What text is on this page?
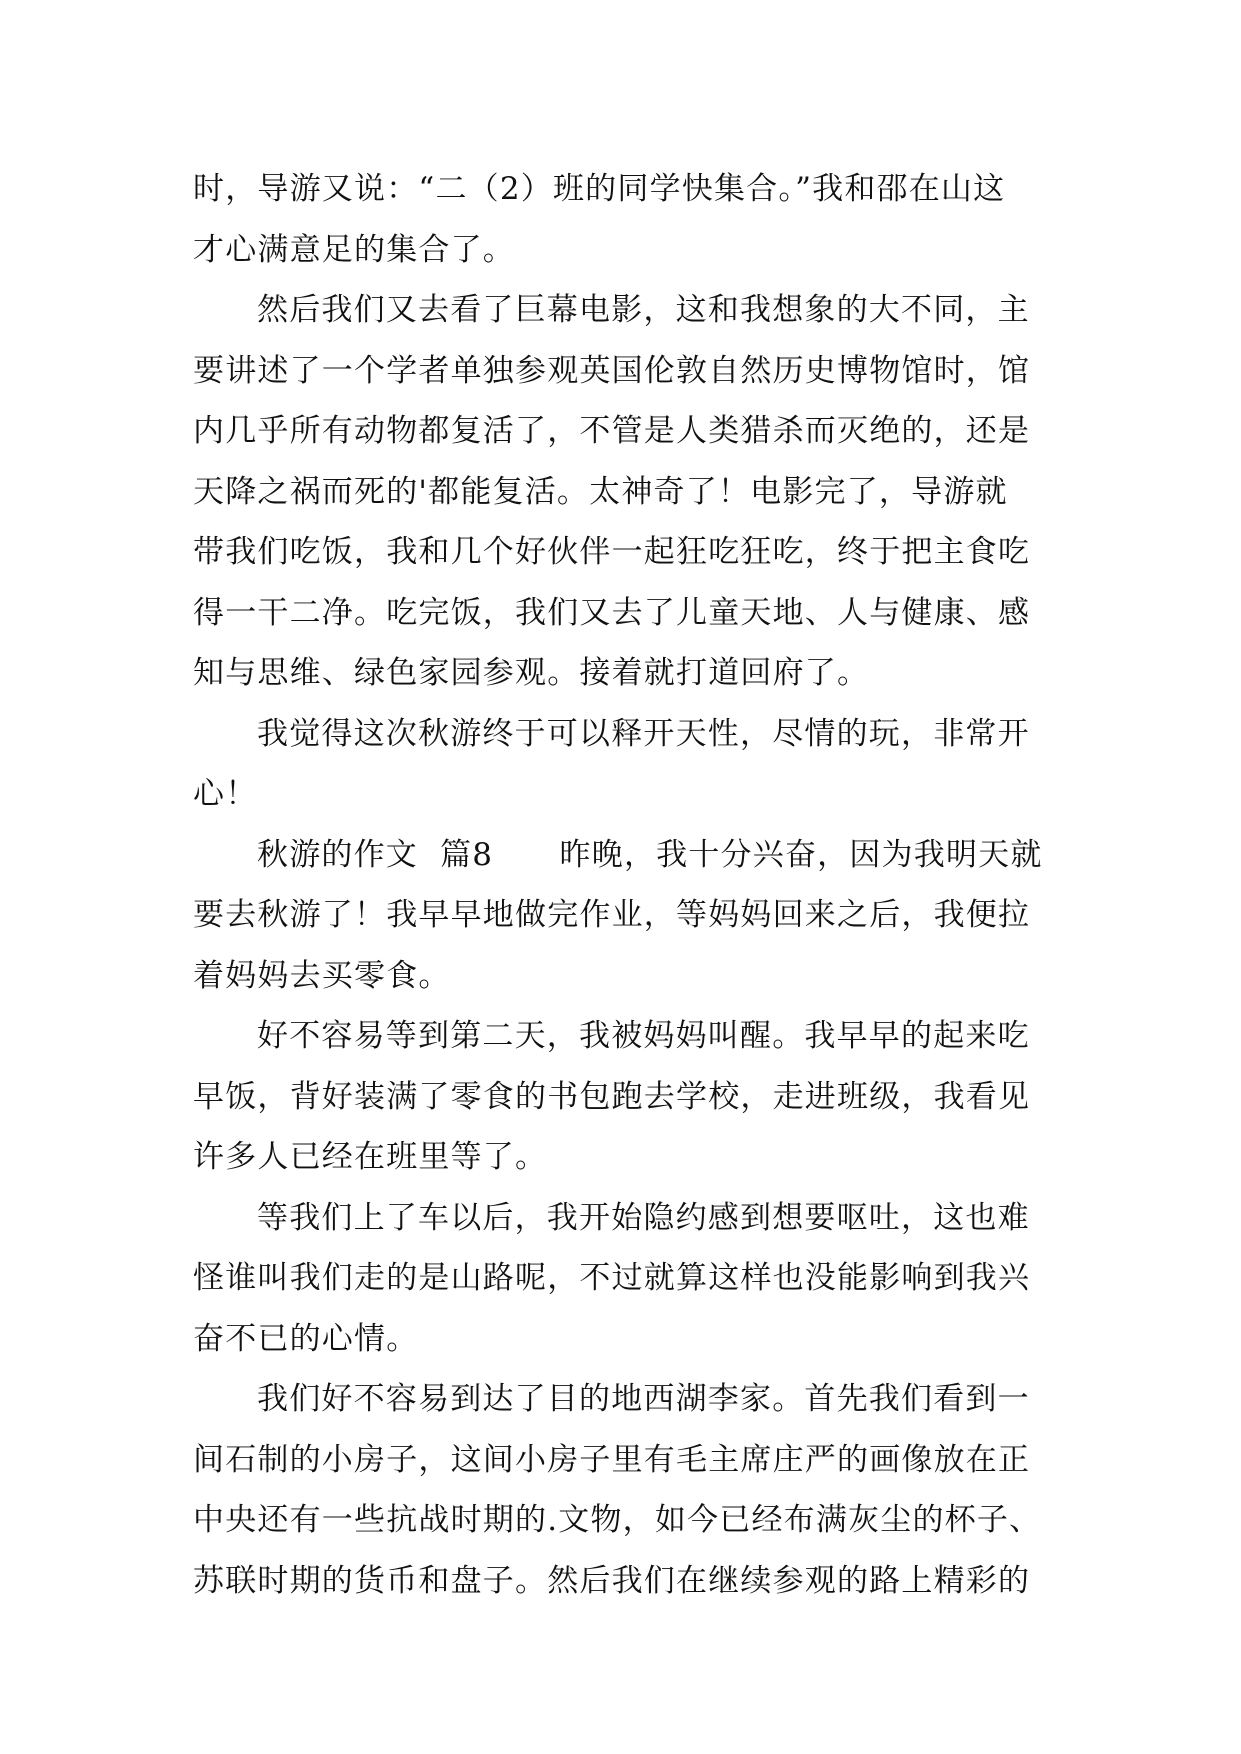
时，导游又说：“二（2）班的同学快集合。”我和邵在山这
才心满意足的集合了。
然后我们又去看了巨幕电影，这和我想象的大不同，主
要讲述了一个学者单独参观英国伦敦自然历史博物馆时，馆
内几乎所有动物都复活了，不管是人类猎杀而灭绝的，还是
天降之祸而死的'都能复活。太神奇了！电影完了，导游就
带我们吃饭，我和几个好伙伴一起狂吃狂吃，终于把主食吃
得一干二净。吃完饭，我们又去了儿童天地、人与健康、感
知与思维、绿色家园参观。接着就打道回府了。
我觉得这次秋游终于可以释开天性，尽情的玩，非常开
心！
秋游的作文  篇8      昨晚，我十分兴奋，因为我明天就
要去秋游了！我早早地做完作业，等妈妈回来之后，我便拉
着妈妈去买零食。
好不容易等到第二天，我被妈妈叫醒。我早早的起来吃
早饭，背好装满了零食的书包跑去学校，走进班级，我看见
许多人已经在班里等了。
等我们上了车以后，我开始隐约感到想要呕吐，这也难
怪谁叫我们走的是山路呢，不过就算这样也没能影响到我兴
奋不已的心情。
我们好不容易到达了目的地西湖李家。首先我们看到一
间石制的小房子，这间小房子里有毛主席庄严的画像放在正
中央还有一些抗战时期的.文物，如今已经布满灰尘的杯子、
苏联时期的货币和盘子。然后我们在继续参观的路上精彩的
